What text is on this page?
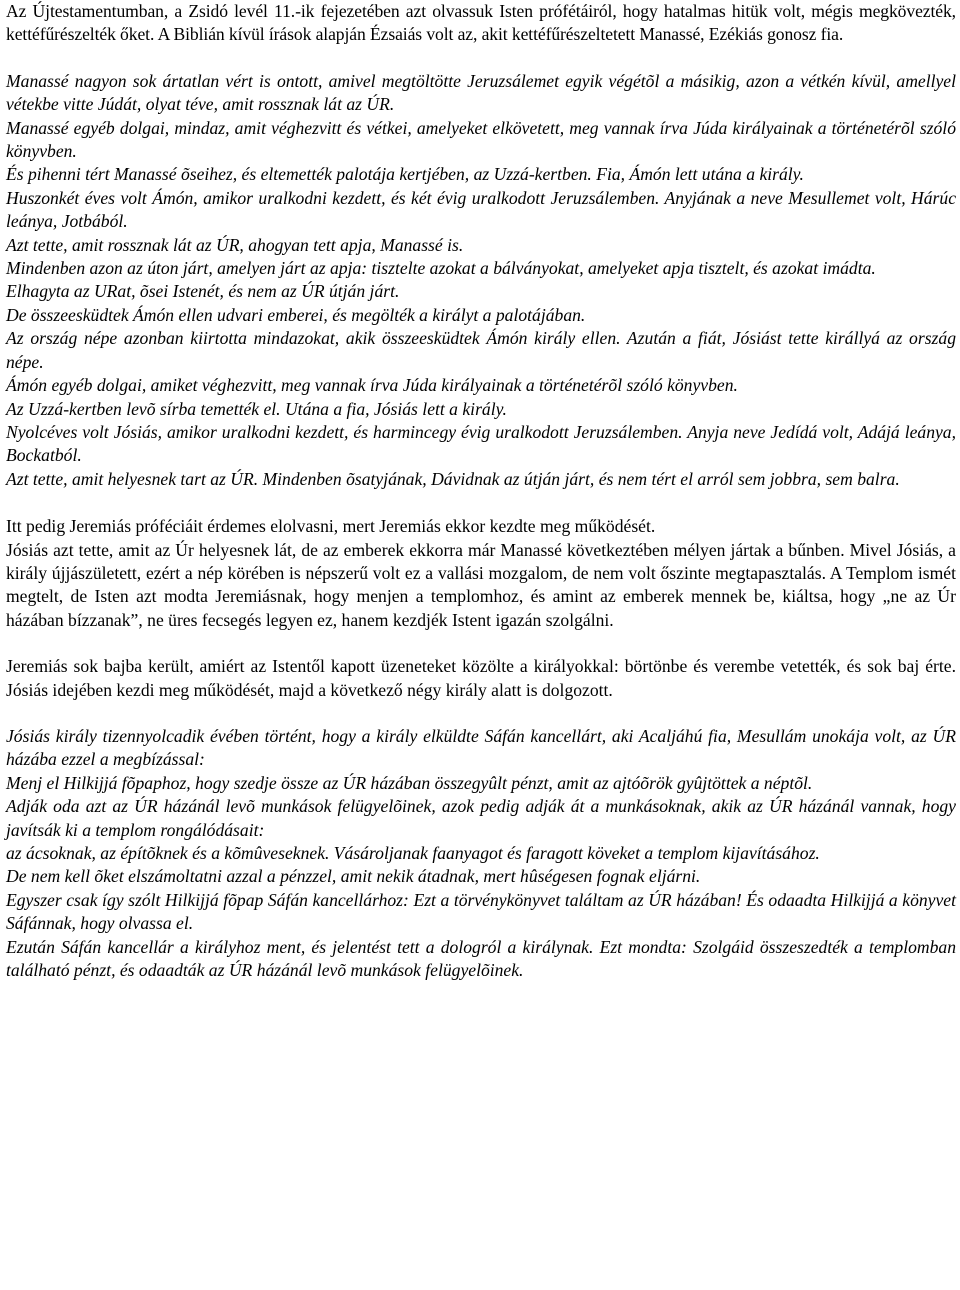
Az Újtestamentumban, a Zsidó levél 11.-ik fejezetében azt olvassuk Isten prófétáiról, hogy hatalmas hitük volt, mégis megkövezték, kettéfűrészelték őket. A Biblián kívül írások alapján Ézsaiás volt az, akit kettéfűrészeltetett Manassé, Ezékiás gonosz fia.

Manassé nagyon sok ártatlan vért is ontott, amivel megtöltötte Jeruzsálemet egyik végétõl a másikig, azon a vétkén kívül, amellyel vétekbe vitte Júdát, olyat téve, amit rossznak lát az ÚR.

Manassé egyéb dolgai, mindaz, amit véghezvitt és vétkei, amelyeket elkövetett, meg vannak írva Júda királyainak a történetérõl szóló könyvben.

És pihenni tért Manassé õseihez, és eltemették palotája kertjében, az Uzzá-kertben. Fia, Ámón lett utána a király.

Huszonkét éves volt Ámón, amikor uralkodni kezdett, és két évig uralkodott Jeruzsálemben. Anyjának a neve Mesullemet volt, Hárúc leánya, Jotbából.

Azt tette, amit rossznak lát az ÚR, ahogyan tett apja, Manassé is.

Mindenben azon az úton járt, amelyen járt az apja: tisztelte azokat a bálványokat, amelyeket apja tisztelt, és azokat imádta.

Elhagyta az URat, õsei Istenét, és nem az ÚR útján járt.

De összeesküdtek Ámón ellen udvari emberei, és megölték a királyt a palotájában.

Az ország népe azonban kiirtotta mindazokat, akik összeesküdtek Ámón király ellen. Azután a fiát, Jósiást tette királlyá az ország népe.

Ámón egyéb dolgai, amiket véghezvitt, meg vannak írva Júda királyainak a történetérõl szóló könyvben.

Az Uzzá-kertben levõ sírba temették el. Utána a fia, Jósiás lett a király.

Nyolcéves volt Jósiás, amikor uralkodni kezdett, és harmincegy évig uralkodott Jeruzsálemben. Anyja neve Jedídá volt, Adájá leánya, Bockatból.

Azt tette, amit helyesnek tart az ÚR. Mindenben õsatyjának, Dávidnak az útján járt, és nem tért el arról sem jobbra, sem balra.

Itt pedig Jeremiás próféciáit érdemes elolvasni, mert Jeremiás ekkor kezdte meg működését.

Jósiás azt tette, amit az Úr helyesnek lát, de az emberek ekkorra már Manassé következtében mélyen jártak a bűnben. Mivel Jósiás, a király újjászületett, ezért a nép körében is népszerű volt ez a vallási mozgalom, de nem volt őszinte megtapasztalás. A Templom ismét megtelt, de Isten azt modta Jeremiásnak, hogy menjen a templomhoz, és amint az emberek mennek be, kiáltsa, hogy „ne az Úr házában bízzanak”, ne üres fecsegés legyen ez, hanem kezdjék Istent igazán szolgálni.

Jeremiás sok bajba került, amiért az Istentől kapott üzeneteket közölte a királyokkal: börtönbe és verembe vetették, és sok baj érte. Jósiás idejében kezdi meg működését, majd a következő négy király alatt is dolgozott.

Jósiás király tizennyolcadik évében történt, hogy a király elküldte Sáfán kancellárt, aki Acaljáhú fia, Mesullám unokája volt, az ÚR házába ezzel a megbízással:

Menj el Hilkijjá fõpaphoz, hogy szedje össze az ÚR házában összegyûlt pénzt, amit az ajtóõrök gyûjtöttek a néptõl.

Adják oda azt az ÚR házánál levõ munkások felügyelõinek, azok pedig adják át a munkásoknak, akik az ÚR házánál vannak, hogy javítsák ki a templom rongálódásait:

az ácsoknak, az építõknek és a kõmûveseknek. Vásároljanak faanyagot és faragott köveket a templom kijavításához.

De nem kell õket elszámoltatni azzal a pénzzel, amit nekik átadnak, mert hûségesen fognak eljárni.

Egyszer csak így szólt Hilkijjá fõpap Sáfán kancellárhoz: Ezt a törvénykönyvet találtam az ÚR házában! És odaadta Hilkijjá a könyvet Sáfánnak, hogy olvassa el.

Ezután Sáfán kancellár a királyhoz ment, és jelentést tett a dologról a királynak. Ezt mondta: Szolgáid összeszedték a templomban található pénzt, és odaadták az ÚR házánál levõ munkások felügyelõinek.
